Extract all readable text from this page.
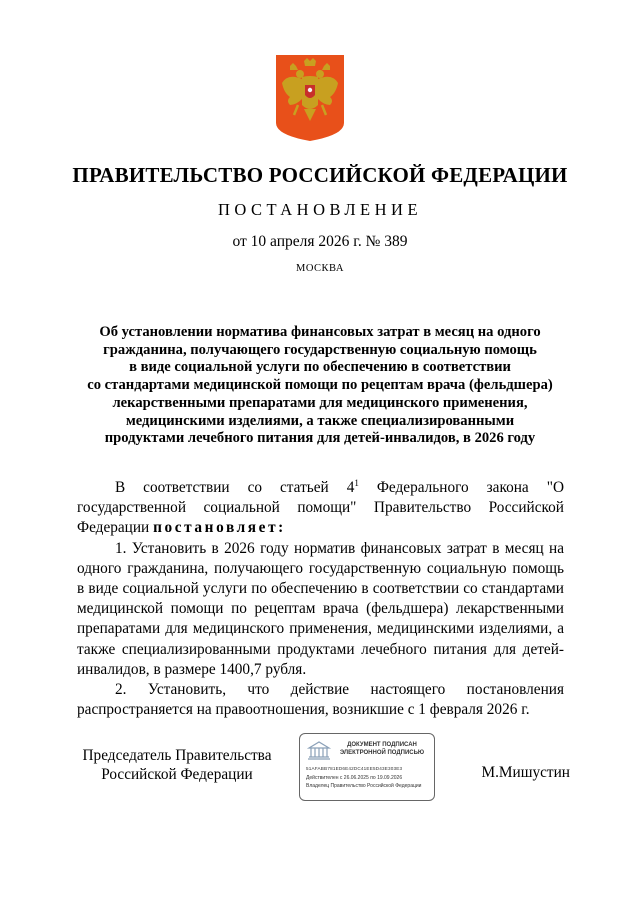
ПРАВИТЕЛЬСТВО РОССИЙСКОЙ ФЕДЕРАЦИИ
ПОСТАНОВЛЕНИЕ
от 10 апреля 2026 г. № 389
МОСКВА
Об установлении норматива финансовых затрат в месяц на одного
гражданина, получающего государственную социальную помощь
в виде социальной услуги по обеспечению в соответствии
со стандартами медицинской помощи по рецептам врача (фельдшера)
лекарственными препаратами для медицинского применения,
медицинскими изделиями, а также специализированными
продуктами лечебного питания для детей-инвалидов, в 2026 году

В соответствии со статьей $4^1$ Федерального закона "О государственной социальной помощи" Правительство Российской Федерации постановляет:

1. Установить в 2026 году норматив финансовых затрат в месяц на одного гражданина, получающего государственную социальную помощь в виде социальной услуги по обеспечению в соответствии со стандартами медицинской помощи по рецептам врача (фельдшера) лекарственными препаратами для медицинского применения, медицинскими изделиями, а также специализированными продуктами лечебного питания для детей-инвалидов, в размере 1400,7 рубля.

2. Установить, что действие настоящего постановления распространяется на правоотношения, возникшие с 1 февраля 2026 г.

Председатель Правительства
Российской Федерации
ДОКУМЕНТ ПОДПИСАН
ЭЛЕКТРОННОЙ ПОДПИСЬЮ
51AFABB781ED6E42DC41EE5D43E303E3
Действителен с 26.06.2025 по 19.09.2026
Владелец Правительство Российской Федерации
М.Мишустин
